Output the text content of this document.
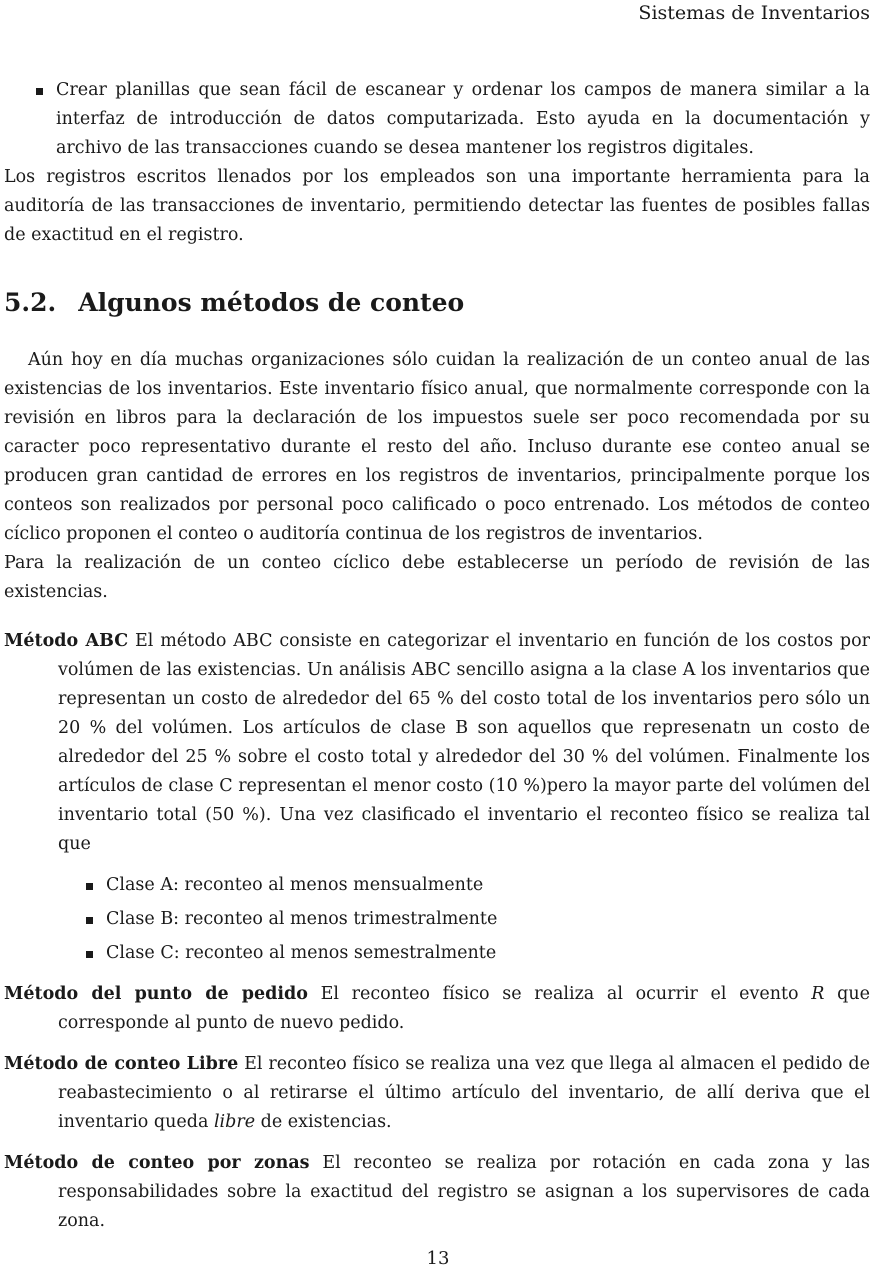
Sistemas de Inventarios
Crear planillas que sean fácil de escanear y ordenar los campos de manera similar a la interfaz de introducción de datos computarizada. Esto ayuda en la documentación y archivo de las transacciones cuando se desea mantener los registros digitales.

Los registros escritos llenados por los empleados son una importante herramienta para la auditoría de las transacciones de inventario, permitiendo detectar las fuentes de posibles fallas de exactitud en el registro.

5.2. Algunos métodos de conteo

Aún hoy en día muchas organizaciones sólo cuidan la realización de un conteo anual de las existencias de los inventarios. Este inventario físico anual, que normalmente corresponde con la revisión en libros para la declaración de los impuestos suele ser poco recomendada por su caracter poco representativo durante el resto del año. Incluso durante ese conteo anual se producen gran cantidad de errores en los registros de inventarios, principalmente porque los conteos son realizados por personal poco calificado o poco entrenado. Los métodos de conteo cíclico proponen el conteo o auditoría continua de los registros de inventarios.

Para la realización de un conteo cíclico debe establecerse un período de revisión de las existencias.

Método ABC El método ABC consiste en categorizar el inventario en función de los costos por volúmen de las existencias. Un análisis ABC sencillo asigna a la clase A los inventarios que representan un costo de alrededor del 65 % del costo total de los inventarios pero sólo un 20 % del volúmen. Los artículos de clase B son aquellos que represenatn un costo de alrededor del 25 % sobre el costo total y alrededor del 30 % del volúmen. Finalmente los artículos de clase C representan el menor costo (10 %)pero la mayor parte del volúmen del inventario total (50 %). Una vez clasificado el inventario el reconteo físico se realiza tal que
Clase A: reconteo al menos mensualmente
Clase B: reconteo al menos trimestralmente
Clase C: reconteo al menos semestralmente
Método del punto de pedido El reconteo físico se realiza al ocurrir el evento R que corresponde al punto de nuevo pedido.
Método de conteo Libre El reconteo físico se realiza una vez que llega al almacen el pedido de reabastecimiento o al retirarse el último artículo del inventario, de allí deriva que el inventario queda libre de existencias.
Método de conteo por zonas El reconteo se realiza por rotación en cada zona y las responsabilidades sobre la exactitud del registro se asignan a los supervisores de cada zona.
13
